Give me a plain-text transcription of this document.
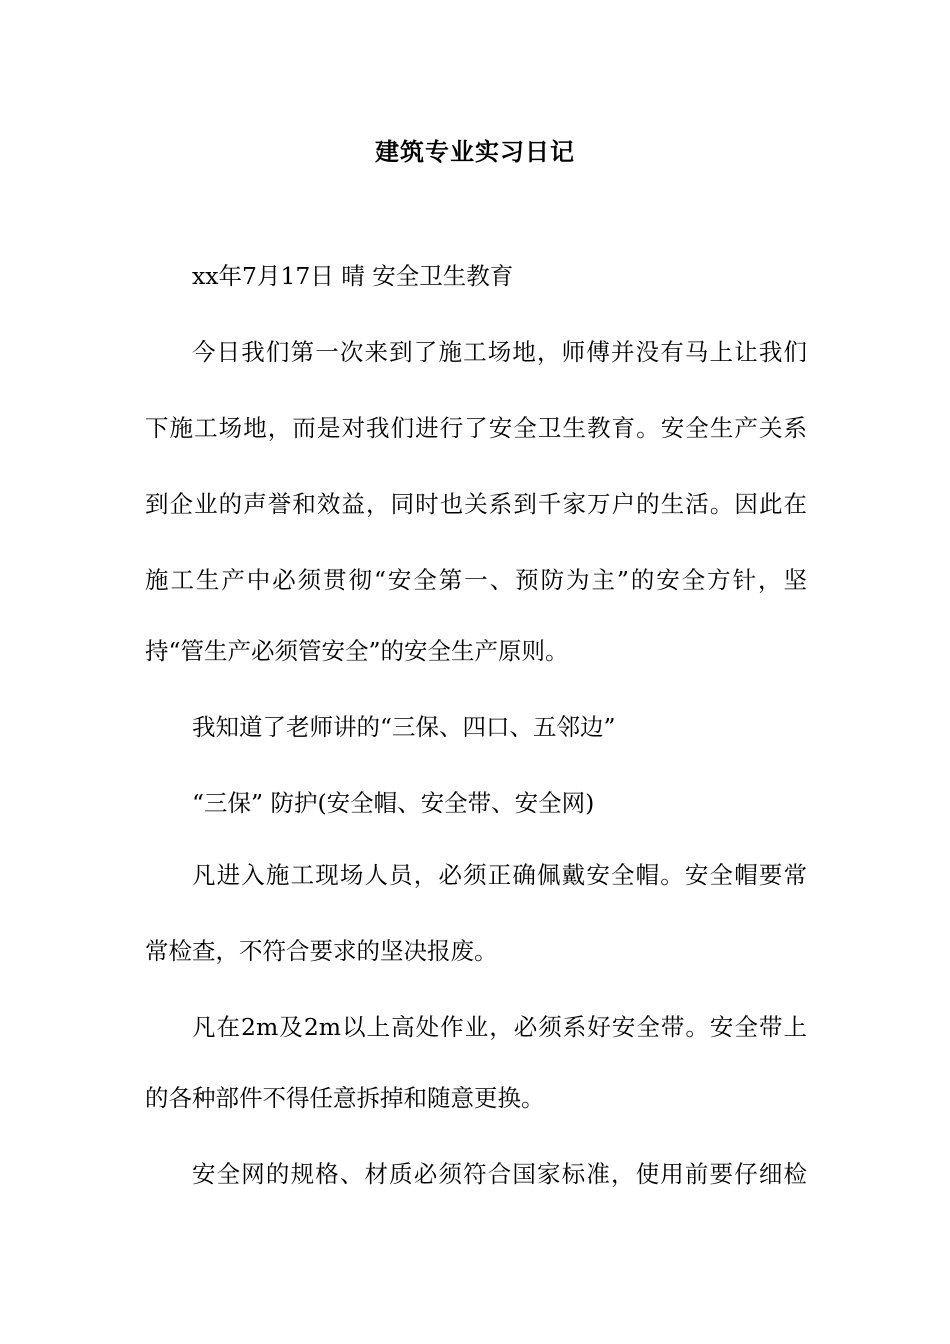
建筑专业实习日记
xx年7月17日 晴 安全卫生教育
今日我们第一次来到了施工场地，师傅并没有马上让我们
下施工场地，而是对我们进行了安全卫生教育。安全生产关系
到企业的声誉和效益，同时也关系到千家万户的生活。因此在
施工生产中必须贯彻“安全第一、预防为主”的安全方针，坚
持“管生产必须管安全”的安全生产原则。
我知道了老师讲的“三保、四口、五邻边”
“三保” 防护(安全帽、安全带、安全网)
凡进入施工现场人员，必须正确佩戴安全帽。安全帽要常
常检查，不符合要求的坚决报废。
凡在2m及2m以上高处作业，必须系好安全带。安全带上
的各种部件不得任意拆掉和随意更换。
安全网的规格、材质必须符合国家标准，使用前要仔细检
